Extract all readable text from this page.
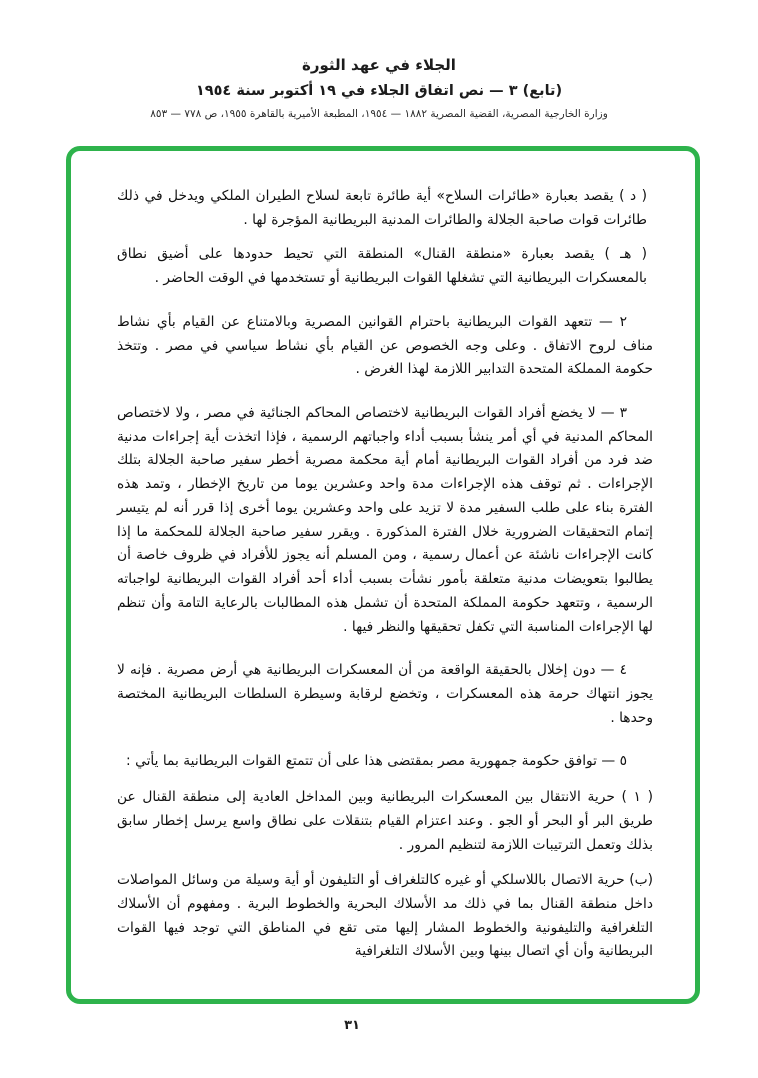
الجلاء في عهد الثورة
(تابع) ٣ — نص اتفاق الجلاء في ١٩ أكتوبر سنة ١٩٥٤
وزارة الخارجية المصرية، القضية المصرية ١٨٨٢ — ١٩٥٤، المطبعة الأميرية بالقاهرة ١٩٥٥، ص ٧٧٨ — ٨٥٣

( د ) يقصد بعبارة «طائرات السلاح» أية طائرة تابعة لسلاح الطيران الملكي ويدخل في ذلك طائرات قوات صاحبة الجلالة والطائرات المدنية البريطانية المؤجرة لها .

( هـ ) يقصد بعبارة «منطقة القنال» المنطقة التي تحيط حدودها على أضيق نطاق بالمعسكرات البريطانية التي تشغلها القوات البريطانية أو تستخدمها في الوقت الحاضر .

٢ — تتعهد القوات البريطانية باحترام القوانين المصرية وبالامتناع عن القيام بأي نشاط مناف لروح الاتفاق . وعلى وجه الخصوص عن القيام بأي نشاط سياسي في مصر . وتتخذ حكومة المملكة المتحدة التدابير اللازمة لهذا الغرض .

٣ — لا يخضع أفراد القوات البريطانية لاختصاص المحاكم الجنائية في مصر ، ولا لاختصاص المحاكم المدنية في أي أمر ينشأ بسبب أداء واجباتهم الرسمية ، فإذا اتخذت أية إجراءات مدنية ضد فرد من أفراد القوات البريطانية أمام أية محكمة مصرية أخطر سفير صاحبة الجلالة بتلك الإجراءات . ثم توقف هذه الإجراءات مدة واحد وعشرين يوما من تاريخ الإخطار ، وتمد هذه الفترة بناء على طلب السفير مدة لا تزيد على واحد وعشرين يوما أخرى إذا قرر أنه لم يتيسر إتمام التحقيقات الضرورية خلال الفترة المذكورة . ويقرر سفير صاحبة الجلالة للمحكمة ما إذا كانت الإجراءات ناشئة عن أعمال رسمية ، ومن المسلم أنه يجوز للأفراد في ظروف خاصة أن يطالبوا بتعويضات مدنية متعلقة بأمور نشأت بسبب أداء أحد أفراد القوات البريطانية لواجباته الرسمية ، وتتعهد حكومة المملكة المتحدة أن تشمل هذه المطالبات بالرعاية التامة وأن تنظم لها الإجراءات المناسبة التي تكفل تحقيقها والنظر فيها .

٤ — دون إخلال بالحقيقة الواقعة من أن المعسكرات البريطانية هي أرض مصرية . فإنه لا يجوز انتهاك حرمة هذه المعسكرات ، وتخضع لرقابة وسيطرة السلطات البريطانية المختصة وحدها .

٥ — توافق حكومة جمهورية مصر بمقتضى هذا على أن تتمتع القوات البريطانية بما يأتي :

( ١ ) حرية الانتقال بين المعسكرات البريطانية وبين المداخل العادية إلى منطقة القنال عن طريق البر أو البحر أو الجو . وعند اعتزام القيام بتنقلات على نطاق واسع يرسل إخطار سابق بذلك وتعمل الترتيبات اللازمة لتنظيم المرور .

(ب) حرية الاتصال باللاسلكي أو غيره كالتلغراف أو التليفون أو أية وسيلة من وسائل المواصلات داخل منطقة القنال بما في ذلك مد الأسلاك البحرية والخطوط البرية . ومفهوم أن الأسلاك التلغرافية والتليفونية والخطوط المشار إليها متى تقع في المناطق التي توجد فيها القوات البريطانية وأن أي اتصال بينها وبين الأسلاك التلغرافية

٣١
